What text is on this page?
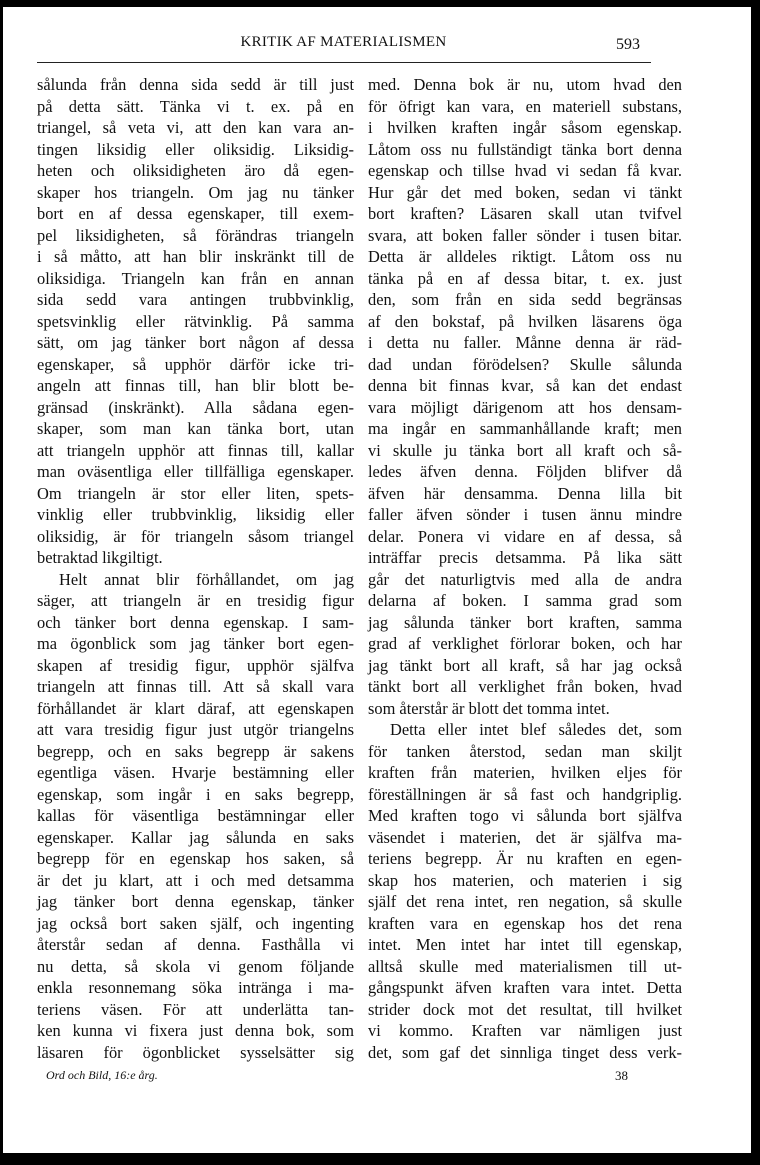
KRITIK AF MATERIALISMEN	593
sålunda från denna sida sedd är till just
på detta sätt. Tänka vi t. ex. på en
triangel, så veta vi, att den kan vara an-
tingen liksidig eller oliksidig. Liksidig-
heten och oliksidigheten äro då egen-
skaper hos triangeln. Om jag nu tänker
bort en af dessa egenskaper, till exem-
pel liksidigheten, så förändras triangeln
i så måtto, att han blir inskränkt till de
oliksidiga. Triangeln kan från en annan
sida sedd vara antingen trubbvinklig,
spetsvinklig eller rätvinklig. På samma
sätt, om jag tänker bort någon af dessa
egenskaper, så upphör därför icke tri-
angeln att finnas till, han blir blott be-
gränsad (inskränkt). Alla sådana egen-
skaper, som man kan tänka bort, utan
att triangeln upphör att finnas till, kallar
man oväsentliga eller tillfälliga egenskaper.
Om triangeln är stor eller liten, spets-
vinklig eller trubbvinklig, liksidig eller
oliksidig, är för triangeln såsom triangel
betraktad likgiltigt.
Helt annat blir förhållandet, om jag
säger, att triangeln är en tresidig figur
och tänker bort denna egenskap. I sam-
ma ögonblick som jag tänker bort egen-
skapen af tresidig figur, upphör själfva
triangeln att finnas till. Att så skall vara
förhållandet är klart däraf, att egenskapen
att vara tresidig figur just utgör triangelns
begrepp, och en saks begrepp är sakens
egentliga väsen. Hvarje bestämning eller
egenskap, som ingår i en saks begrepp,
kallas för väsentliga bestämningar eller
egenskaper. Kallar jag sålunda en saks
begrepp för en egenskap hos saken, så
är det ju klart, att i och med detsamma
jag tänker bort denna egenskap, tänker
jag också bort saken själf, och ingenting
återstår sedan af denna. Fasthålla vi
nu detta, så skola vi genom följande
enkla resonnemang söka intränga i ma-
teriens väsen. För att underlätta tan-
ken kunna vi fixera just denna bok, som
läsaren för ögonblicket sysselsätter sig
med. Denna bok är nu, utom hvad den
för öfrigt kan vara, en materiell substans,
i hvilken kraften ingår såsom egenskap.
Låtom oss nu fullständigt tänka bort denna
egenskap och tillse hvad vi sedan få kvar.
Hur går det med boken, sedan vi tänkt
bort kraften? Läsaren skall utan tvifvel
svara, att boken faller sönder i tusen bitar.
Detta är alldeles riktigt. Låtom oss nu
tänka på en af dessa bitar, t. ex. just
den, som från en sida sedd begränsas
af den bokstaf, på hvilken läsarens öga
i detta nu faller. Månne denna är räd-
dad undan förödelsen? Skulle sålunda
denna bit finnas kvar, så kan det endast
vara möjligt därigenom att hos densam-
ma ingår en sammanhållande kraft; men
vi skulle ju tänka bort all kraft och så-
ledes äfven denna. Följden blifver då
äfven här densamma. Denna lilla bit
faller äfven sönder i tusen ännu mindre
delar. Ponera vi vidare en af dessa, så
inträffar precis detsamma. På lika sätt
går det naturligtvis med alla de andra
delarna af boken. I samma grad som
jag sålunda tänker bort kraften, samma
grad af verklighet förlorar boken, och har
jag tänkt bort all kraft, så har jag också
tänkt bort all verklighet från boken, hvad
som återstår är blott det tomma intet.
Detta eller intet blef således det, som
för tanken återstod, sedan man skiljt
kraften från materien, hvilken eljes för
föreställningen är så fast och handgriplig.
Med kraften togo vi sålunda bort själfva
väsendet i materien, det är själfva ma-
teriens begrepp. Är nu kraften en egen-
skap hos materien, och materien i sig
själf det rena intet, ren negation, så skulle
kraften vara en egenskap hos det rena
intet. Men intet har intet till egenskap,
alltså skulle med materialismen till ut-
gångspunkt äfven kraften vara intet. Detta
strider dock mot det resultat, till hvilket
vi kommo. Kraften var nämligen just
det, som gaf det sinnliga tinget dess verk-
Ord och Bild, 16:e årg.	38
